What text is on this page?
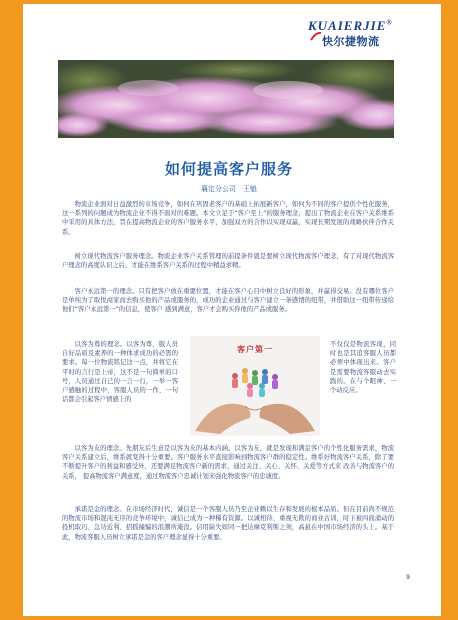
KUAIERJIE®
快尔捷物流
如何提高客户服务
襄定分公司　王魁

物流企业面对日益激烈的市场竞争，如何在巩固老客户的基础上拓展新客户，如何为不同的客户提供个性化服务，这一系列的问题成为物流企业不得不面对的难题。本文立足于“客户至上”的服务理念，提出了物流企业在客户关系维系中采用的具体方法，旨在提高物流企业的客户服务水平，加强双方的合作以实现双赢，实现长期发展的战略伙伴合作关系。

树立现代物流客户服务理念。物流企业客户关系管理的前提条件就是要树立现代物流客户理念，有了对现代物流客户理念的高度认识之后，才能在维系客户关系的过程中精益求精。

客户永远第一的理念。只有把客户放在重要位置，才能在客户心目中树立良好的形象，并赢得交易。没有哪位客户是单纯为了取悦商家而去购买他的产品或服务的，成功的企业通过与客户建立一条感情的纽带，并借助这一纽带传递给他们“客户永远第一”的信息，使客户 感到满意，客户才会购买你他的产品或服务。

以客为尊的理念。以客为尊，服人员自好品质及素养的一种体求成功的必需的要求。每一位物流铭记这一点，并将它在平时的言行是上帝，这不是一句简单的口号，人员通过自己的一言一行，一举一客户感触的过程中，客服人员的一作、一句话都会引起客户情感上的

客户第一

不仅仅是物流客现，同时也是其追客服人员都必须中体现出来。客户是需要物流客服动去实践的。在与个眼神、一个动反应。

以客为友的理念。先朋友后生意是以客为友的基本内涵。以客为友，就是发现和满足客户的个性化服务需求，物流客户关系建立后，维系就变得十分重要。客户服务水平直接影响到物流客户群的稳定性。维系好物流客户关系，除了要不断提升客户的利益和感受外，还要满足物流客户新的需求，通过关注、关心、关怀、关爱等方式来 改善与物流客户的关系， 提高物流客户满意度，通过物流客户忠诚计划来强化物流客户的忠诚度。

承诺是金的理念。在市场经济时代，诚信是一个客服人员乃至企业赖以生存和发展的根本品质。但在目前尚不规范的物流市场和混沌无序的竞争环境中，诚信已成为一种稀有资源。以诚相待、重视无欺的商业古训，时下被四面涌动的投机取巧、急功近利、招摇撞骗的浪潮所淹没。信用缺失如同一把达摩克利斯之剑，高悬在中国市场经济的头上。基于此，物流客服人员树立承诺是金的客户理念显得十分重要。

9
